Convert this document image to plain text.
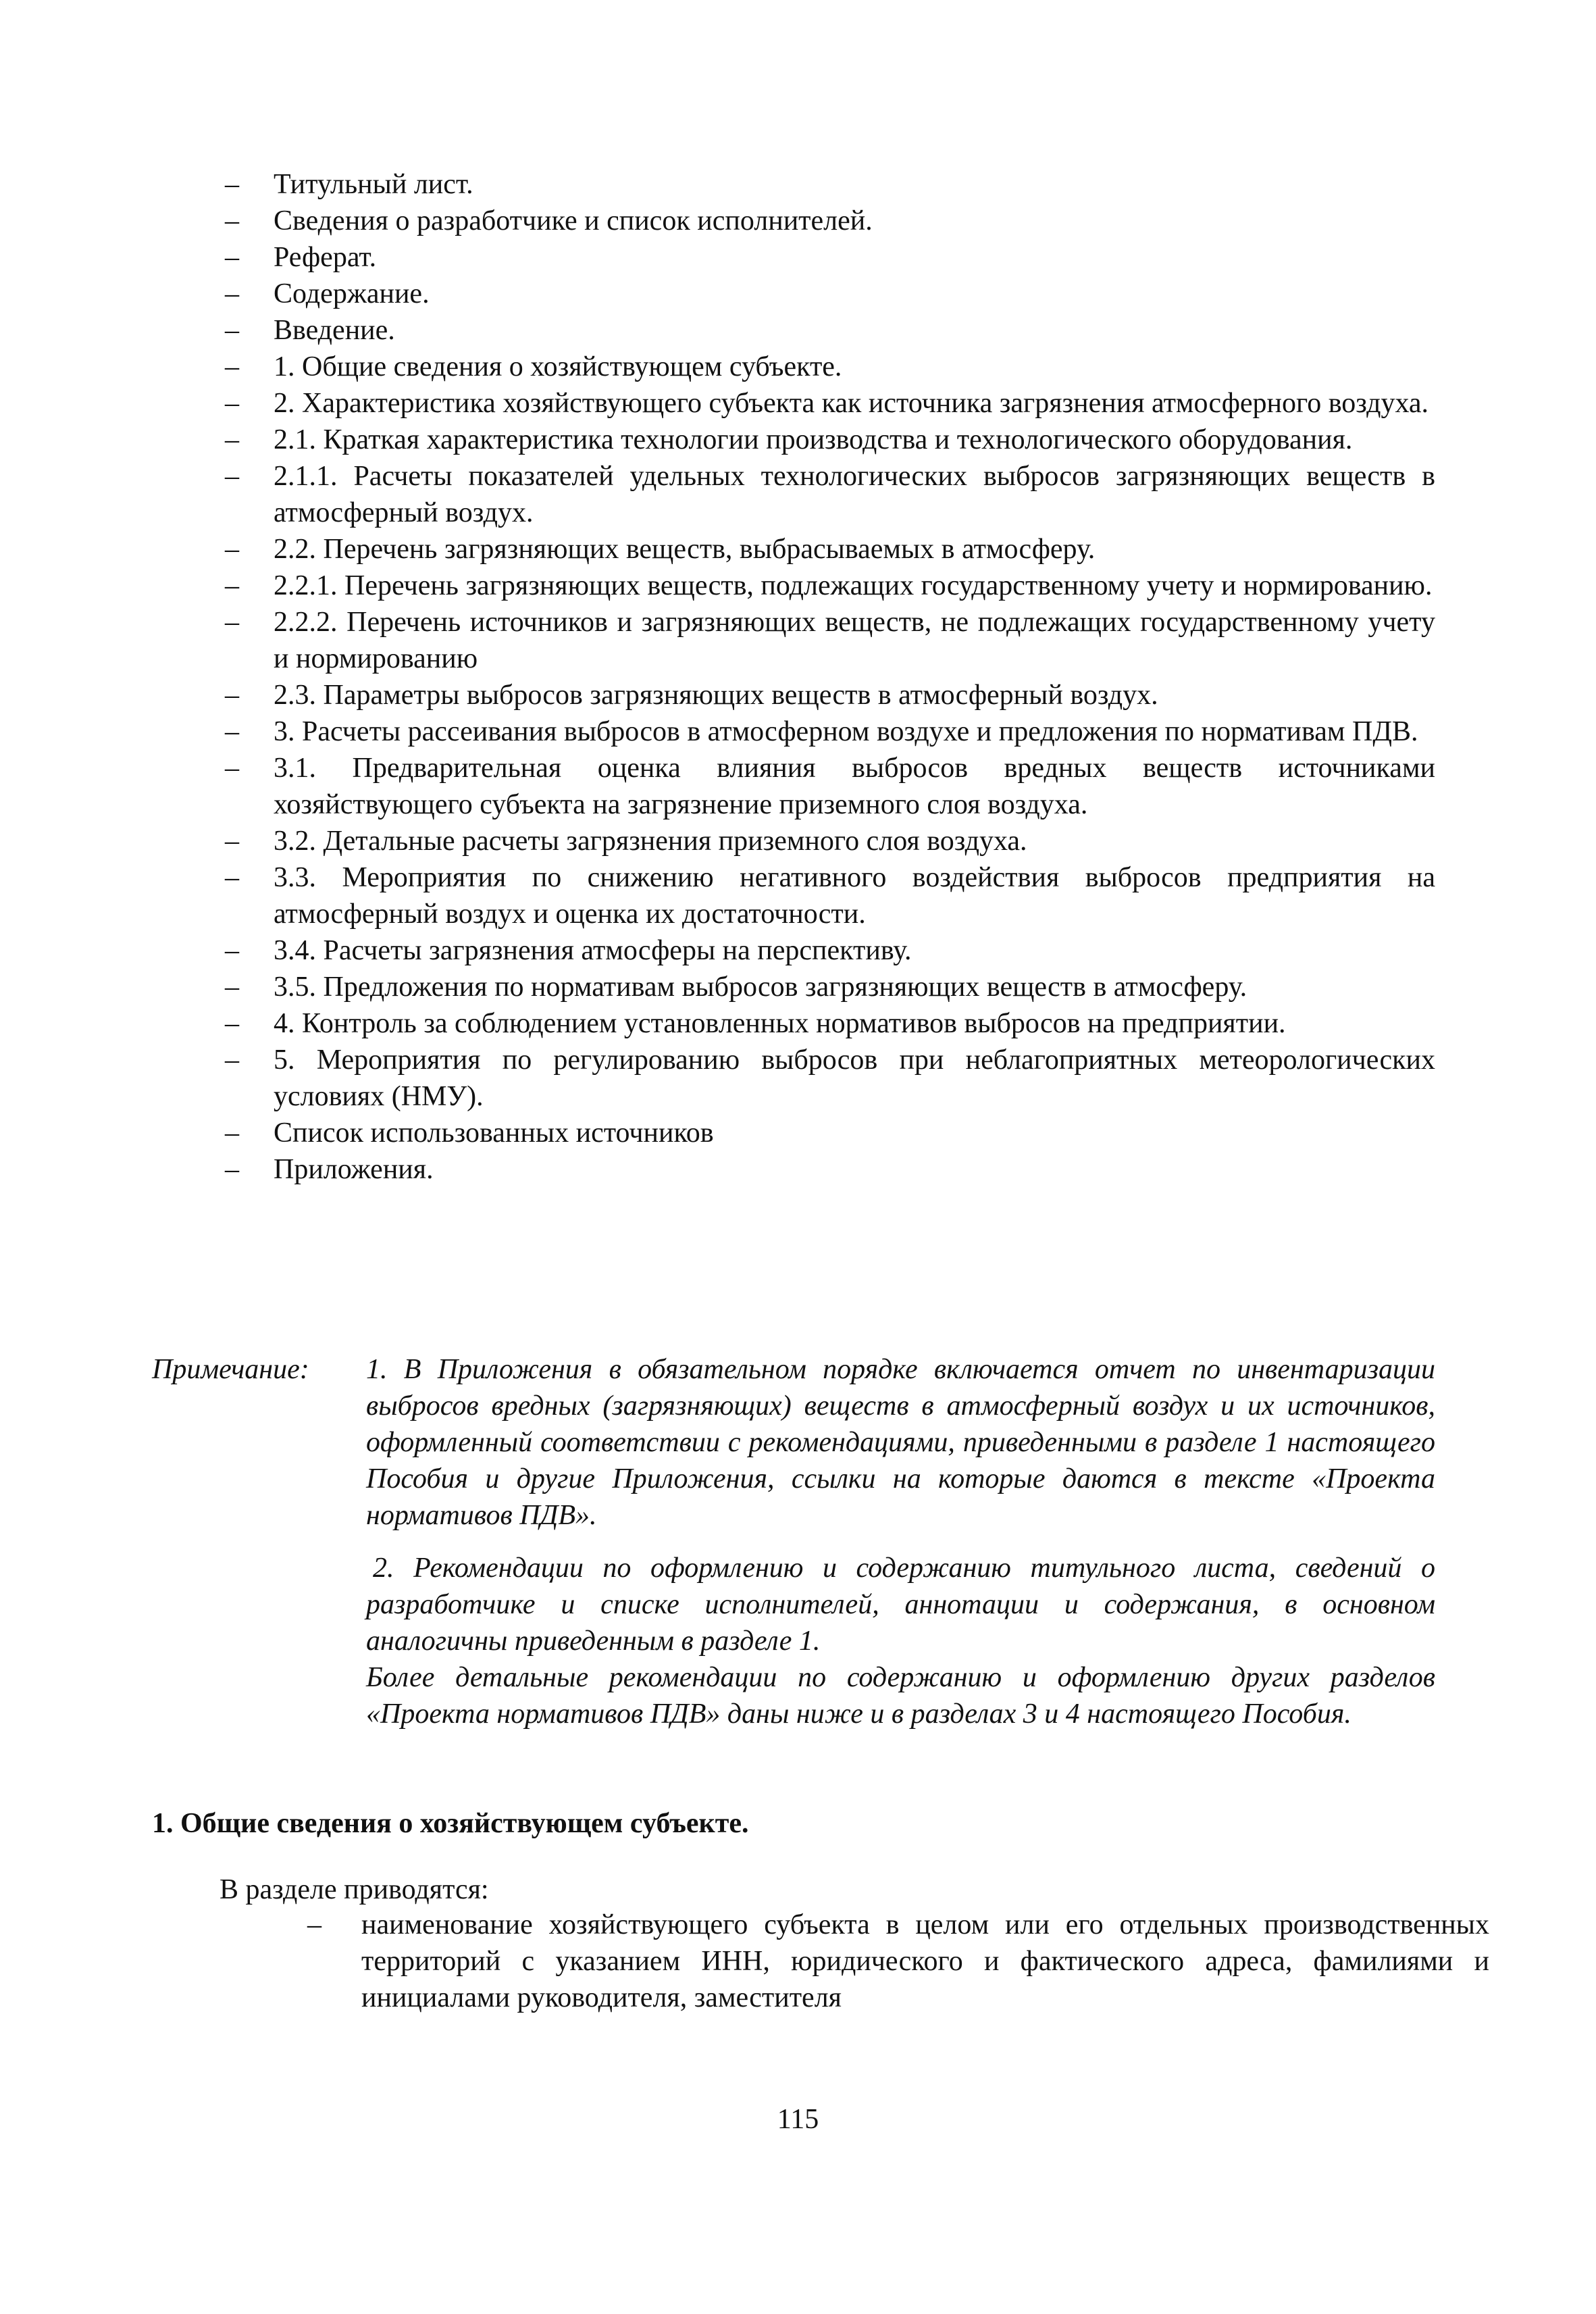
– Титульный лист.
– Сведения о разработчике и список исполнителей.
– Реферат.
– Содержание.
– Введение.
– 1. Общие сведения о хозяйствующем субъекте.
– 2. Характеристика хозяйствующего субъекта как источника загрязнения атмосферного воздуха.
– 2.1. Краткая характеристика технологии производства и технологического оборудования.
– 2.1.1. Расчеты показателей удельных технологических выбросов загрязняющих веществ в атмосферный воздух.
– 2.2. Перечень загрязняющих веществ, выбрасываемых в атмосферу.
– 2.2.1. Перечень загрязняющих веществ, подлежащих государственному учету и нормированию.
– 2.2.2. Перечень источников и загрязняющих веществ, не подлежащих государственному учету и нормированию
– 2.3. Параметры выбросов загрязняющих веществ в атмосферный воздух.
– 3. Расчеты рассеивания выбросов в атмосферном воздухе и предложения по нормативам ПДВ.
– 3.1. Предварительная оценка влияния выбросов вредных веществ источниками хозяйствующего субъекта на загрязнение приземного слоя воздуха.
– 3.2. Детальные расчеты загрязнения приземного слоя воздуха.
– 3.3. Мероприятия по снижению негативного воздействия выбросов предприятия на атмосферный воздух и оценка их достаточности.
– 3.4. Расчеты загрязнения атмосферы на перспективу.
– 3.5. Предложения по нормативам выбросов загрязняющих веществ в атмосферу.
– 4. Контроль за соблюдением установленных нормативов выбросов на предприятии.
– 5. Мероприятия по регулированию выбросов при неблагоприятных метеорологических условиях (НМУ).
– Список использованных источников
– Приложения.
Примечание: 1. В Приложения в обязательном порядке включается отчет по инвентаризации выбросов вредных (загрязняющих) веществ в атмосферный воздух и их источников, оформленный соответствии с рекомендациями, приведенными в разделе 1 настоящего Пособия и другие Приложения, ссылки на которые даются в тексте «Проекта нормативов ПДВ».

2. Рекомендации по оформлению и содержанию титульного листа, сведений о разработчике и списке исполнителей, аннотации и содержания, в основном аналогичны приведенным в разделе 1.

Более детальные рекомендации по содержанию и оформлению других разделов «Проекта нормативов ПДВ» даны ниже и в разделах 3 и 4 настоящего Пособия.

1. Общие сведения о хозяйствующем субъекте.
В разделе приводятся:
– наименование хозяйствующего субъекта в целом или его отдельных производственных территорий с указанием ИНН, юридического и фактического адреса, фамилиями и инициалами руководителя, заместителя
115
